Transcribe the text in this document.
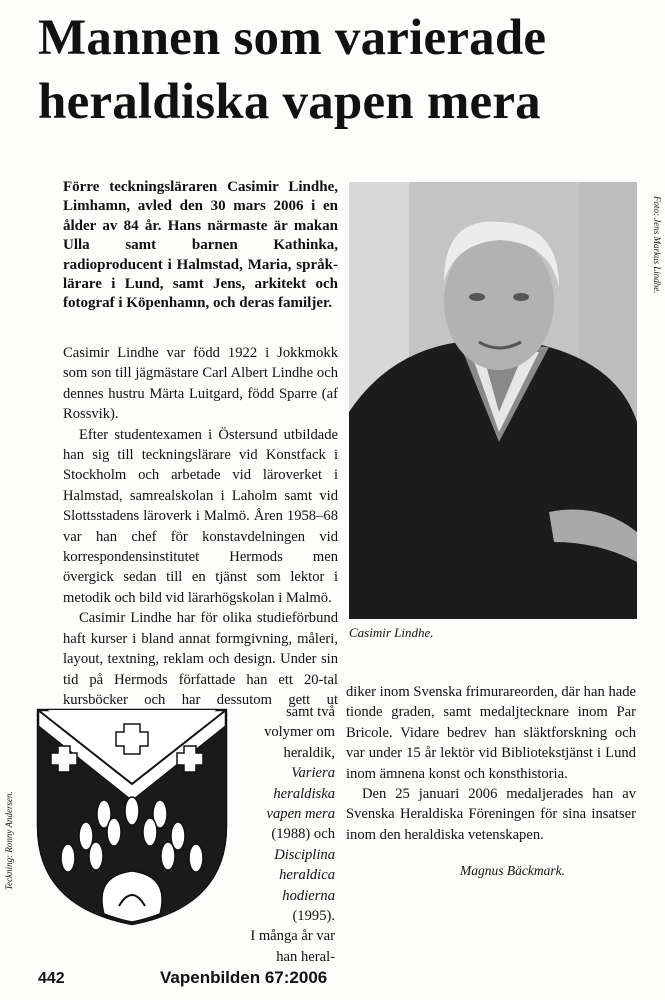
Mannen som varierade
heraldiska vapen mera
Förre teckningsläraren Casimir Lindhe, Limhamn, avled den 30 mars 2006 i en ålder av 84 år. Hans närmaste är makan Ulla samt barnen Kathinka, radioproducent i Halmstad, Maria, språk-lärare i Lund, samt Jens, arkitekt och fotograf i Köpenhamn, och deras familjer.

Casimir Lindhe var född 1922 i Jokkmokk som son till jägmästare Carl Albert Lindhe och dennes hustru Märta Luitgard, född Sparre (af Rossvik).

Efter studentexamen i Östersund utbildade han sig till teckningslärare vid Konstfack i Stockholm och arbetade vid läroverket i Halmstad, samrealskolan i Laholm samt vid Slottsstadens läroverk i Malmö. Åren 1958–68 var han chef för konstavdelningen vid korrespondensinstitutet Hermods men övergick sedan till en tjänst som lektor i metodik och bild vid lärarhögskolan i Malmö.

Casimir Lindhe har för olika studieförbund haft kurser i bland annat formgivning, måleri, layout, textning, reklam och design. Under sin tid på Hermods författade han ett 20-tal kursböcker och har dessutom gett ut

samt två volymer om heraldik, Variera heraldiska vapen mera (1988) och Disciplina heraldica hodierna (1995).

I många år var han heral-

Foto: Jens Markus Lindhe.
Casimir Lindhe.

diker inom Svenska frimurareorden, där han hade tionde graden, samt medaljtecknare inom Par Bricole. Vidare bedrev han släktforskning och var under 15 år lektör vid Bibliotekstjänst i Lund inom ämnena konst och konsthistoria.

Den 25 januari 2006 medaljerades han av Svenska Heraldiska Föreningen för sina insatser inom den heraldiska vetenskapen.

Teckning: Ronny Andersen.	Magnus Bäckmark.
442	Vapenbilden 67:2006
